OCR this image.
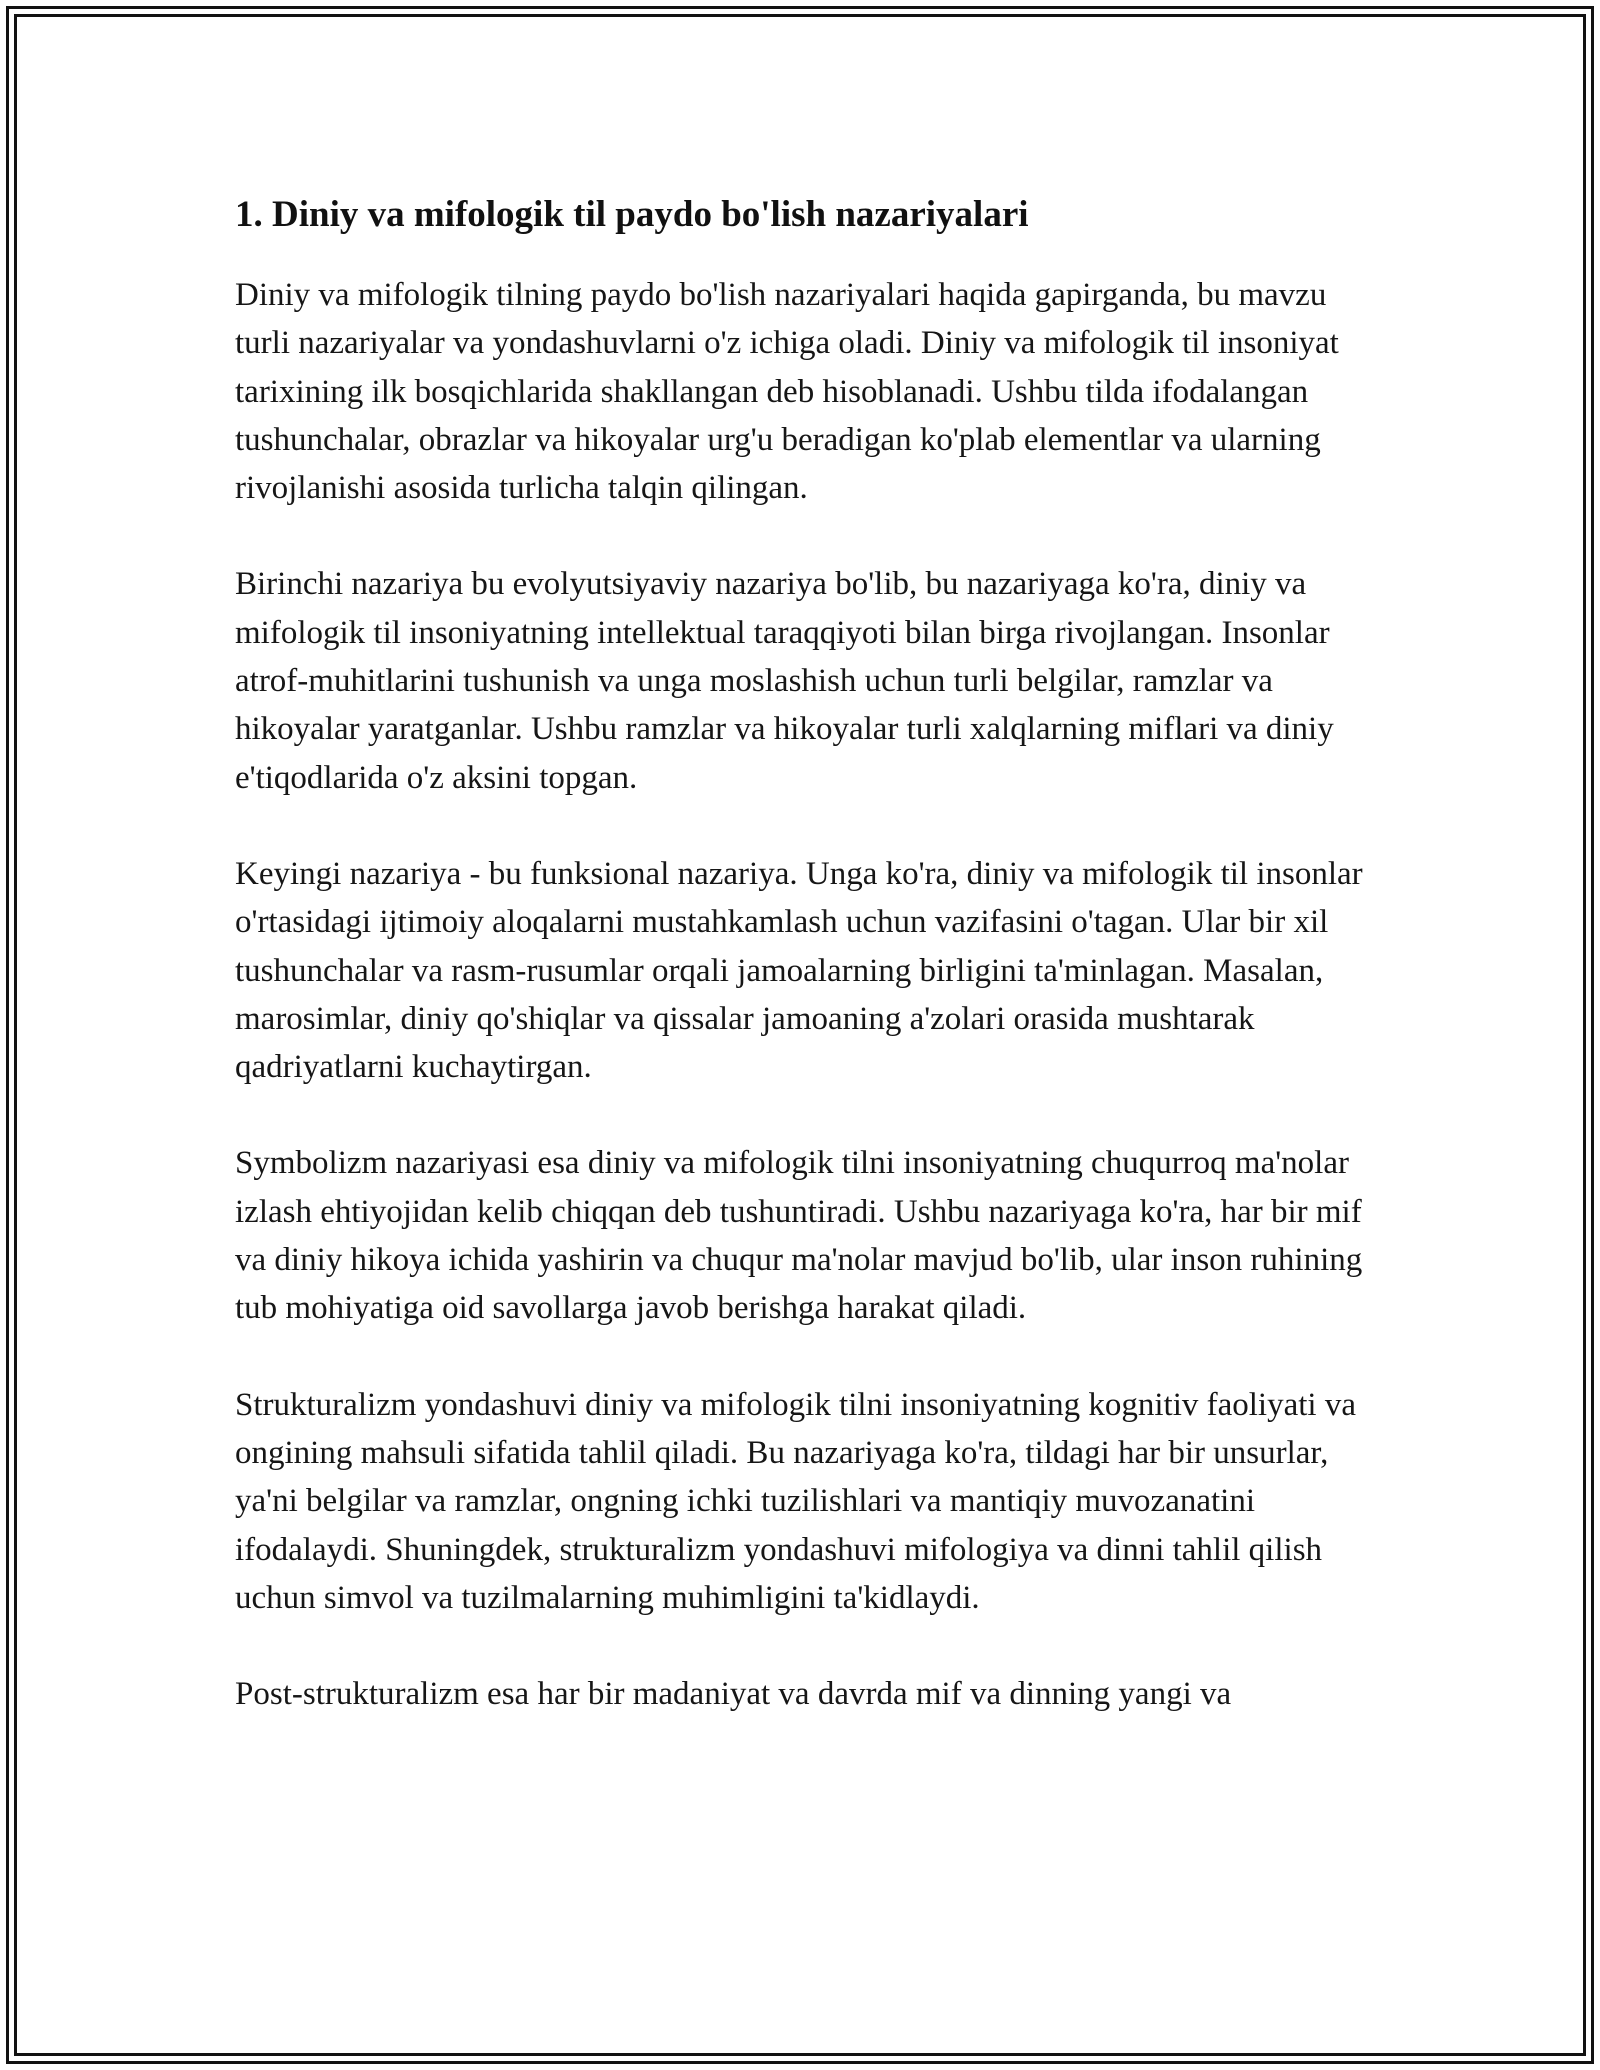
1. Diniy va mifologik til paydo bo'lish nazariyalari

Diniy va mifologik tilning paydo bo'lish nazariyalari haqida gapirganda, bu mavzu turli nazariyalar va yondashuvlarni o'z ichiga oladi. Diniy va mifologik til insoniyat tarixining ilk bosqichlarida shakllangan deb hisoblanadi. Ushbu tilda ifodalangan tushunchalar, obrazlar va hikoyalar urg'u beradigan ko'plab elementlar va ularning rivojlanishi asosida turlicha talqin qilingan.

Birinchi nazariya bu evolyutsiyaviy nazariya bo'lib, bu nazariyaga ko'ra, diniy va mifologik til insoniyatning intellektual taraqqiyoti bilan birga rivojlangan. Insonlar atrof-muhitlarini tushunish va unga moslashish uchun turli belgilar, ramzlar va hikoyalar yaratganlar. Ushbu ramzlar va hikoyalar turli xalqlarning miflari va diniy e'tiqodlarida o'z aksini topgan.

Keyingi nazariya - bu funksional nazariya. Unga ko'ra, diniy va mifologik til insonlar o'rtasidagi ijtimoiy aloqalarni mustahkamlash uchun vazifasini o'tagan. Ular bir xil tushunchalar va rasm-rusumlar orqali jamoalarning birligini ta'minlagan. Masalan, marosimlar, diniy qo'shiqlar va qissalar jamoaning a'zolari orasida mushtarak qadriyatlarni kuchaytirgan.

Symbolizm nazariyasi esa diniy va mifologik tilni insoniyatning chuqurroq ma'nolar izlash ehtiyojidan kelib chiqqan deb tushuntiradi. Ushbu nazariyaga ko'ra, har bir mif va diniy hikoya ichida yashirin va chuqur ma'nolar mavjud bo'lib, ular inson ruhining tub mohiyatiga oid savollarga javob berishga harakat qiladi.

Strukturalizm yondashuvi diniy va mifologik tilni insoniyatning kognitiv faoliyati va ongining mahsuli sifatida tahlil qiladi. Bu nazariyaga ko'ra, tildagi har bir unsurlar, ya'ni belgilar va ramzlar, ongning ichki tuzilishlari va mantiqiy muvozanatini ifodalaydi. Shuningdek, strukturalizm yondashuvi mifologiya va dinni tahlil qilish uchun simvol va tuzilmalarning muhimligini ta'kidlaydi.

Post-strukturalizm esa har bir madaniyat va davrda mif va dinning yangi va
